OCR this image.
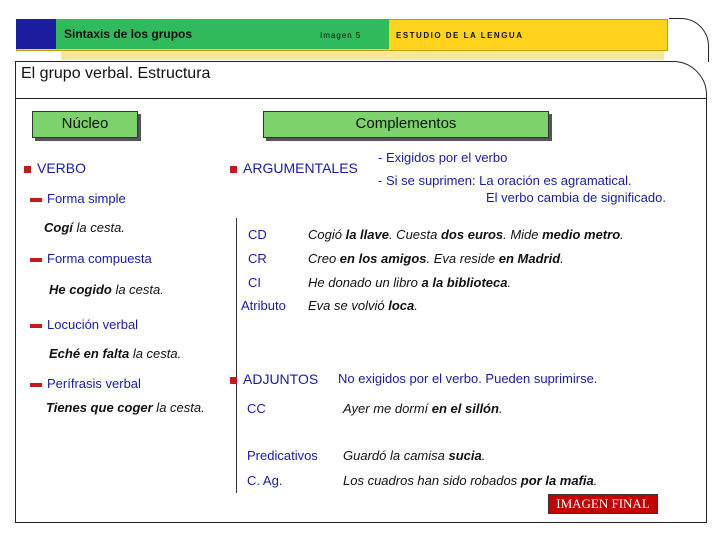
Sintaxis de los grupos	Imagen 5	ESTUDIO DE LA LENGUA
El grupo verbal. Estructura
Núcleo	Complementos
VERBO
Forma simple
Cogí la cesta.
Forma compuesta
He cogido la cesta.
Locución verbal
Eché en falta la cesta.
Perífrasis verbal
Tienes que coger la cesta.
ARGUMENTALES
- Exigidos por el verbo
- Si se suprimen: La oración es agramatical.
El verbo cambia de significado.
CD	Cogió la llave. Cuesta dos euros. Mide medio metro.
CR	Creo en los amigos. Eva reside en Madrid.
CI	He donado un libro a la biblioteca.
Atributo Eva se volvió loca.
ADJUNTOS No exigidos por el verbo. Pueden suprimirse.
CC	Ayer me dormí en el sillón.
Predicativos Guardó la camisa sucia.
C. Ag.	Los cuadros han sido robados por la mafia.
IMAGEN FINAL
